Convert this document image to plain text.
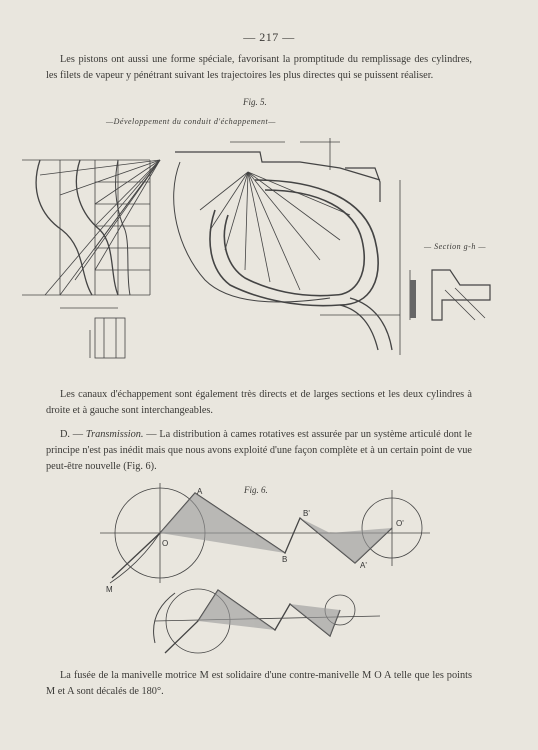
— 217 —

Les pistons ont aussi une forme spéciale, favorisant la promptitude du remplissage des cylindres, les filets de vapeur y pénétrant suivant les trajectoires les plus directes qui se puissent réaliser.

Fig. 5.
—Développement du conduit d'échappement—
— Section g-h —

Les canaux d'échappement sont également très directs et de larges sections et les deux cylindres à droite et à gauche sont interchangeables.

D. — Transmission. — La distribution à cames rotatives est assurée par un système articulé dont le principe n'est pas inédit mais que nous avons exploité d'une façon complète et à un certain point de vue peut-être nouvelle (Fig. 6).

Fig. 6.
A
O
M
B
B'
O'
A'

La fusée de la manivelle motrice M est solidaire d'une contre-manivelle M O A telle que les points M et A sont décalés de 180°.
